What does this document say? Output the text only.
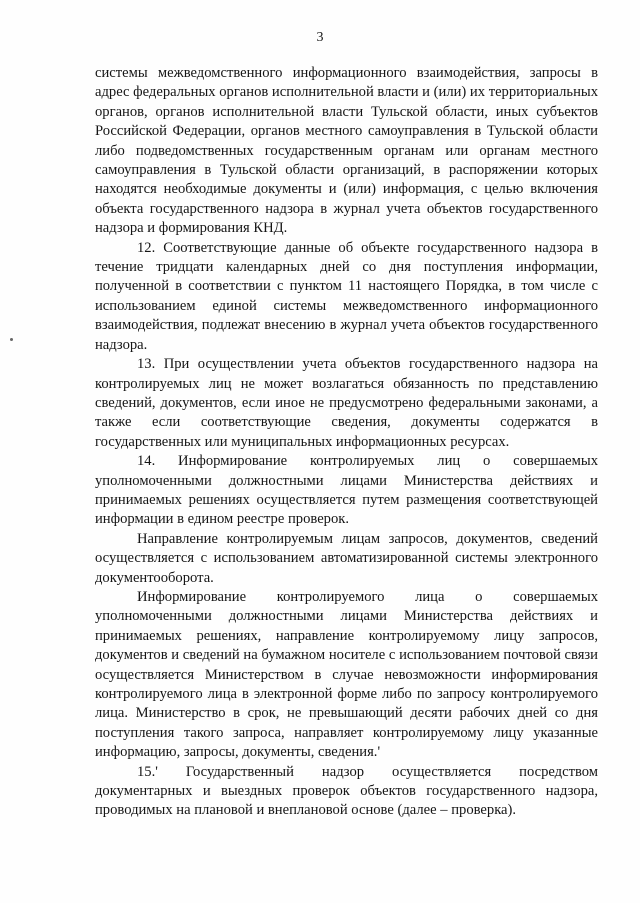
3

системы межведомственного информационного взаимодействия, запросы в адрес федеральных органов исполнительной власти и (или) их территориальных органов, органов исполнительной власти Тульской области, иных субъектов Российской Федерации, органов местного самоуправления в Тульской области либо подведомственных государственным органам или органам местного самоуправления в Тульской области организаций, в распоряжении которых находятся необходимые документы и (или) информация, с целью включения объекта государственного надзора в журнал учета объектов государственного надзора и формирования КНД.

12. Соответствующие данные об объекте государственного надзора в течение тридцати календарных дней со дня поступления информации, полученной в соответствии с пунктом 11 настоящего Порядка, в том числе с использованием единой системы межведомственного информационного взаимодействия, подлежат внесению в журнал учета объектов государственного надзора.

13. При осуществлении учета объектов государственного надзора на контролируемых лиц не может возлагаться обязанность по представлению сведений, документов, если иное не предусмотрено федеральными законами, а также если соответствующие сведения, документы содержатся в государственных или муниципальных информационных ресурсах.

14. Информирование контролируемых лиц о совершаемых уполномоченными должностными лицами Министерства действиях и принимаемых решениях осуществляется путем размещения соответствующей информации в едином реестре проверок.

Направление контролируемым лицам запросов, документов, сведений осуществляется с использованием автоматизированной системы электронного документооборота.

Информирование контролируемого лица о совершаемых уполномоченными должностными лицами Министерства действиях и принимаемых решениях, направление контролируемому лицу запросов, документов и сведений на бумажном носителе с использованием почтовой связи осуществляется Министерством в случае невозможности информирования контролируемого лица в электронной форме либо по запросу контролируемого лица. Министерство в срок, не превышающий десяти рабочих дней со дня поступления такого запроса, направляет контролируемому лицу указанные информацию, запросы, документы, сведения.'

15.' Государственный надзор осуществляется посредством документарных и выездных проверок объектов государственного надзора, проводимых на плановой и внеплановой основе (далее – проверка).
